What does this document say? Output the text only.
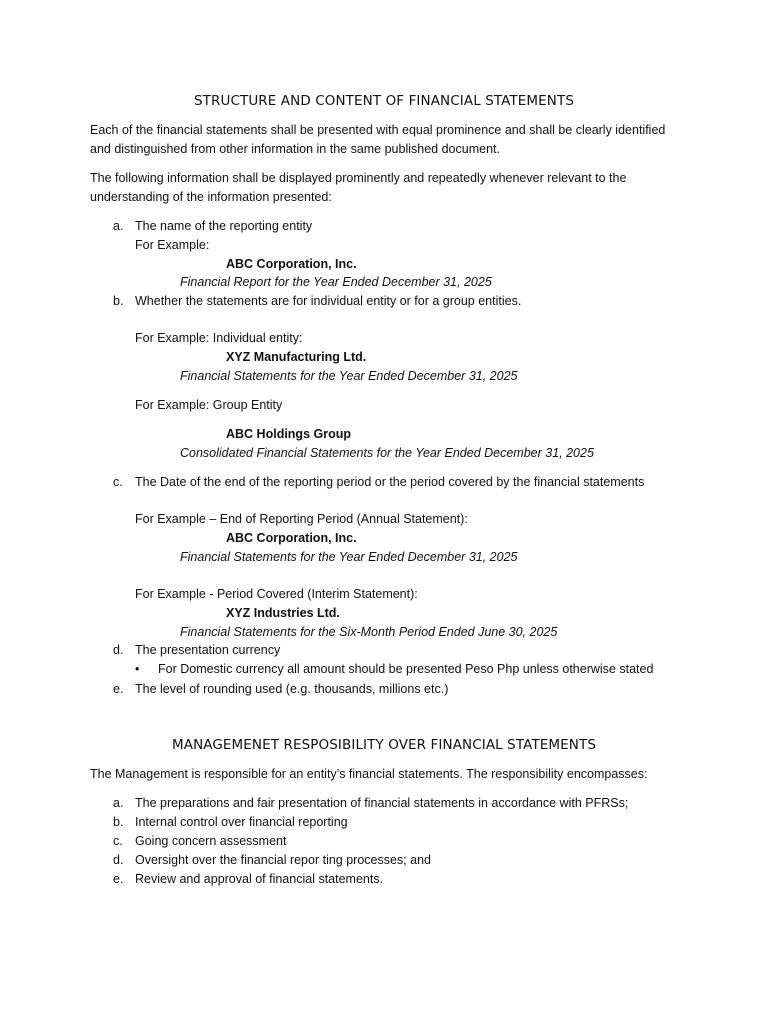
STRUCTURE AND CONTENT OF FINANCIAL STATEMENTS
Each of the financial statements shall be presented with equal prominence and shall be clearly identified
and distinguished from other information in the same published document.
The following information shall be displayed prominently and repeatedly whenever relevant to the
understanding of the information presented:
a. The name of the reporting entity
For Example:
ABC Corporation, Inc.
Financial Report for the Year Ended December 31, 2025
b. Whether the statements are for individual entity or for a group entities.
For Example: Individual entity:
XYZ Manufacturing Ltd.
Financial Statements for the Year Ended December 31, 2025
For Example: Group Entity
ABC Holdings Group
Consolidated Financial Statements for the Year Ended December 31, 2025
c. The Date of the end of the reporting period or the period covered by the financial statements
For Example – End of Reporting Period (Annual Statement):
ABC Corporation, Inc.
Financial Statements for the Year Ended December 31, 2025
For Example - Period Covered (Interim Statement):
XYZ Industries Ltd.
Financial Statements for the Six-Month Period Ended June 30, 2025
d. The presentation currency
• For Domestic currency all amount should be presented Peso Php unless otherwise stated
e. The level of rounding used (e.g. thousands, millions etc.)
MANAGEMENET RESPOSIBILITY OVER FINANCIAL STATEMENTS
The Management is responsible for an entity’s financial statements. The responsibility encompasses:
a. The preparations and fair presentation of financial statements in accordance with PFRSs;
b. Internal control over financial reporting
c. Going concern assessment
d. Oversight over the financial repor ting processes; and
e. Review and approval of financial statements.
